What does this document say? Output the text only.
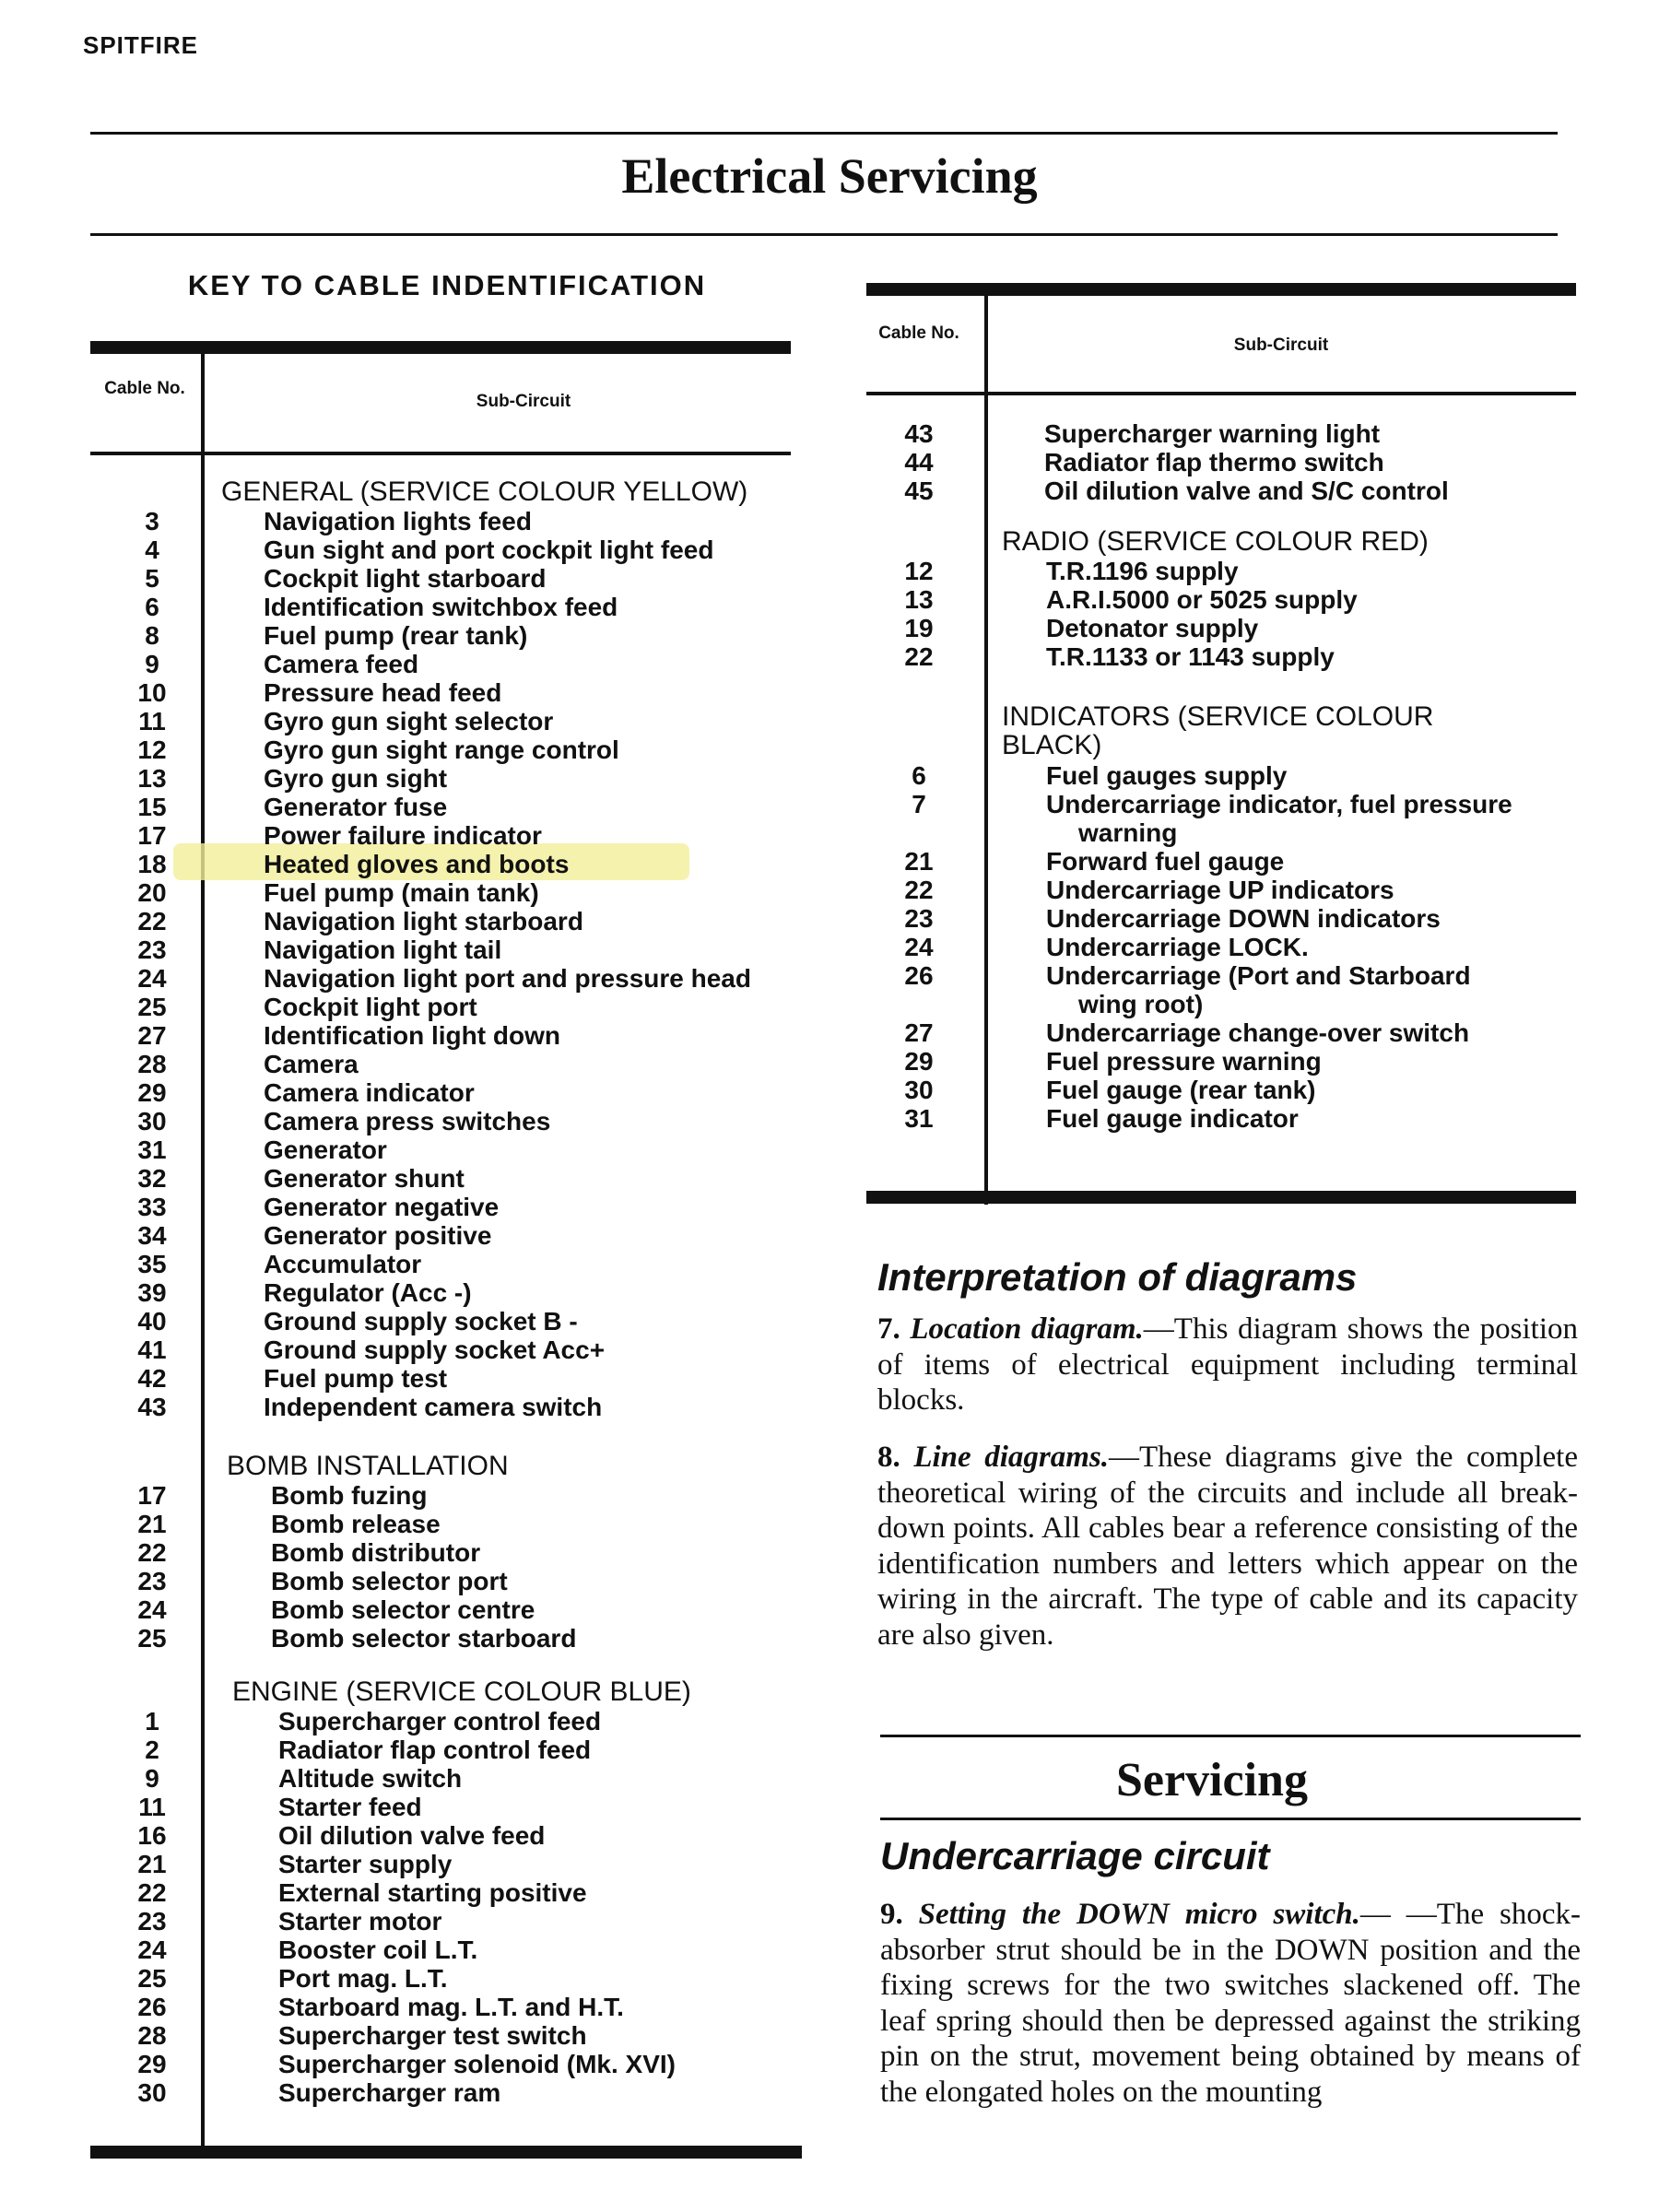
SPITFIRE
Electrical Servicing
KEY TO CABLE INDENTIFICATION
Cable No.
Sub-Circuit
GENERAL (SERVICE COLOUR YELLOW)
3	Navigation lights feed
4	Gun sight and port cockpit light feed
5	Cockpit light starboard
6	Identification switchbox feed
8	Fuel pump (rear tank)
9	Camera feed
10	Pressure head feed
11	Gyro gun sight selector
12	Gyro gun sight range control
13	Gyro gun sight
15	Generator fuse
17	Power failure indicator
18	Heated gloves and boots
20	Fuel pump (main tank)
22	Navigation light starboard
23	Navigation light tail
24	Navigation light port and pressure head
25	Cockpit light port
27	Identification light down
28	Camera
29	Camera indicator
30	Camera press switches
31	Generator
32	Generator shunt
33	Generator negative
34	Generator positive
35	Accumulator
39	Regulator (Acc -)
40	Ground supply socket B -
41	Ground supply socket Acc+
42	Fuel pump test
43	Independent camera switch
BOMB INSTALLATION
17	Bomb fuzing
21	Bomb release
22	Bomb distributor
23	Bomb selector port
24	Bomb selector centre
25	Bomb selector starboard
ENGINE (SERVICE COLOUR BLUE)
1	Supercharger control feed
2	Radiator flap control feed
9	Altitude switch
11	Starter feed
16	Oil dilution valve feed
21	Starter supply
22	External starting positive
23	Starter motor
24	Booster coil L.T.
25	Port mag. L.T.
26	Starboard mag. L.T. and H.T.
28	Supercharger test switch
29	Supercharger solenoid (Mk. XVI)
30	Supercharger ram
Cable No.
Sub-Circuit
43	Supercharger warning light
44	Radiator flap thermo switch
45	Oil dilution valve and S/C control
RADIO (SERVICE COLOUR RED)
12	T.R.1196 supply
13	A.R.I.5000 or 5025 supply
19	Detonator supply
22	T.R.1133 or 1143 supply
INDICATORS (SERVICE COLOUR BLACK)
6	Fuel gauges supply
7	Undercarriage indicator, fuel pressure
warning
21	Forward fuel gauge
22	Undercarriage UP indicators
23	Undercarriage DOWN indicators
24	Undercarriage LOCK.
26	Undercarriage (Port and Starboard
wing root)
27	Undercarriage change-over switch
29	Fuel pressure warning
30	Fuel gauge (rear tank)
31	Fuel gauge indicator
Interpretation of diagrams
7. Location diagram.—This diagram shows the position of items of electrical equipment including terminal blocks.
8. Line diagrams.—These diagrams give the complete theoretical wiring of the circuits and include all break-down points. All cables bear a reference consisting of the identification numbers and letters which appear on the wiring in the aircraft. The type of cable and its capacity are also given.
Servicing
Undercarriage circuit
9. Setting the DOWN micro switch.— —The shock-absorber strut should be in the DOWN position and the fixing screws for the two switches slackened off. The leaf spring should then be depressed against the striking pin on the strut, movement being obtained by means of the elongated holes on the mounting
